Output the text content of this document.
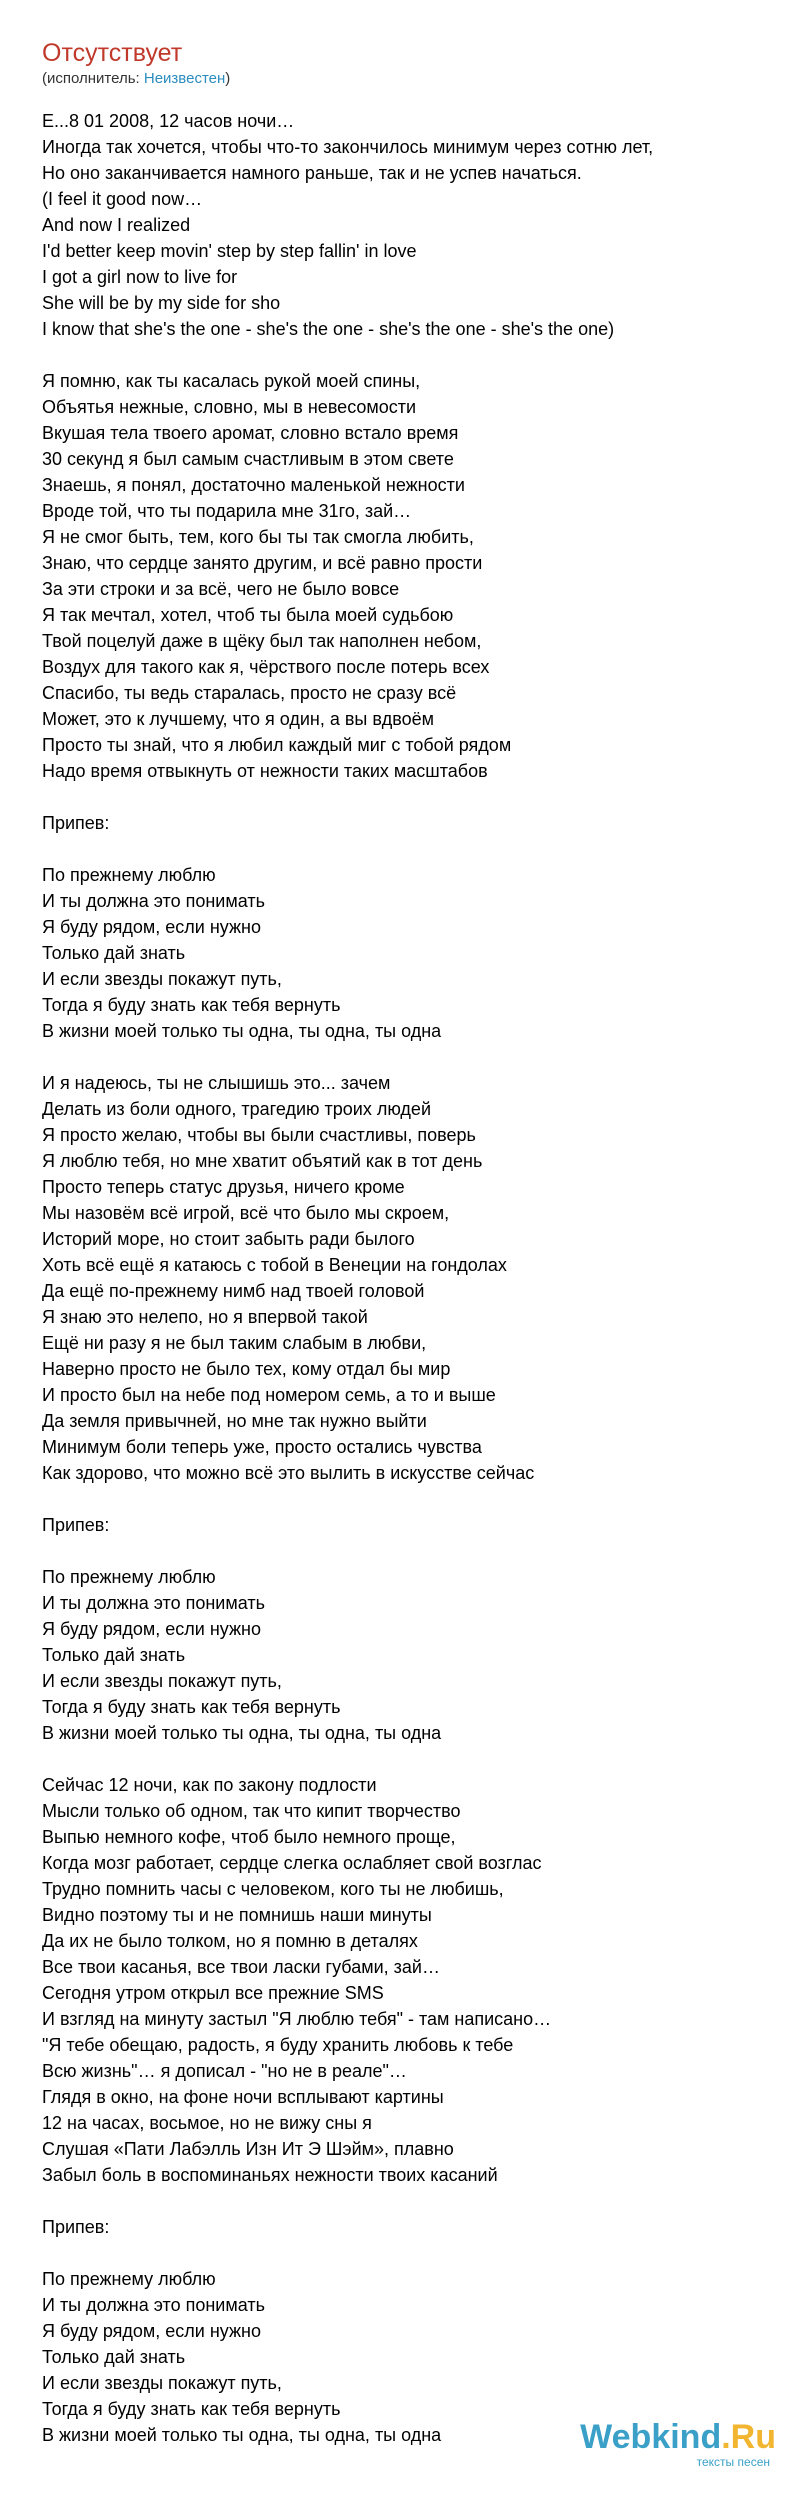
Отсутствует
(исполнитель: Неизвестен)
E...8 01 2008, 12 часов ночи…
Иногда так хочется, чтобы что-то закончилось минимум через сотню лет,
Но оно заканчивается намного раньше, так и не успев начаться.
(I feel it good now…
And now I realized
I'd better keep movin' step by step fallin' in love
I got a girl now to live for
She will be by my side for sho
I know that she's the one - she's the one - she's the one - she's the one)
Я помню, как ты касалась рукой моей спины,
Объятья нежные, словно, мы в невесомости
Вкушая тела твоего аромат, словно встало время
30 секунд я был самым счастливым в этом свете
Знаешь, я понял, достаточно маленькой нежности
Вроде той, что ты подарила мне 31го, зай…
Я не смог быть, тем, кого бы ты так смогла любить,
Знаю, что сердце занято другим, и всё равно прости
За эти строки и за всё, чего не было вовсе
Я так мечтал, хотел, чтоб ты была моей судьбою
Твой поцелуй даже в щёку был так наполнен небом,
Воздух для такого как я, чёрствого после потерь всех
Спасибо, ты ведь старалась, просто не сразу всё
Может, это к лучшему, что я один, а вы вдвоём
Просто ты знай, что я любил каждый миг с тобой рядом
Надо время отвыкнуть от нежности таких масштабов
Припев:
По прежнему люблю
И ты должна это понимать
Я буду рядом, если нужно
Только дай знать
И если звезды покажут путь,
Тогда я буду знать как тебя вернуть
В жизни моей только ты одна, ты одна, ты одна
И я надеюсь, ты не слышишь это... зачем
Делать из боли одного, трагедию троих людей
Я просто желаю, чтобы вы были счастливы, поверь
Я люблю тебя, но мне хватит объятий как в тот день
Просто теперь статус друзья, ничего кроме
Мы назовём всё игрой, всё что было мы скроем,
Историй море, но стоит забыть ради былого
Хоть всё ещё я катаюсь с тобой в Венеции на гондолах
Да ещё по-прежнему нимб над твоей головой
Я знаю это нелепо, но я впервой такой
Ещё ни разу я не был таким слабым в любви,
Наверно просто не было тех, кому отдал бы мир
И просто был на небе под номером семь, а то и выше
Да земля привычней, но мне так нужно выйти
Минимум боли теперь уже, просто остались чувства
Как здорово, что можно всё это вылить в искусстве сейчас
Припев:
По прежнему люблю
И ты должна это понимать
Я буду рядом, если нужно
Только дай знать
И если звезды покажут путь,
Тогда я буду знать как тебя вернуть
В жизни моей только ты одна, ты одна, ты одна
Сейчас 12 ночи, как по закону подлости
Мысли только об одном, так что кипит творчество
Выпью немного кофе, чтоб было немного проще,
Когда мозг работает, сердце слегка ослабляет свой возглас
Трудно помнить часы с человеком, кого ты не любишь,
Видно поэтому ты и не помнишь наши минуты
Да их не было толком, но я помню в деталях
Все твои касанья, все твои ласки губами, зай…
Сегодня утром открыл все прежние SMS
И взгляд на минуту застыл "Я люблю тебя" - там написано…
"Я тебе обещаю, радость, я буду хранить любовь к тебе
Всю жизнь"… я дописал - "но не в реале"…
Глядя в окно, на фоне ночи всплывают картины
12 на часах, восьмое, но не вижу сны я
Слушая «Пати Лабэлль Изн Ит Э Шэйм», плавно
Забыл боль в воспоминаньях нежности твоих касаний
Припев:
По прежнему люблю
И ты должна это понимать
Я буду рядом, если нужно
Только дай знать
И если звезды покажут путь,
Тогда я буду знать как тебя вернуть
В жизни моей только ты одна, ты одна, ты одна	Webkind.Ru
тексты песен
